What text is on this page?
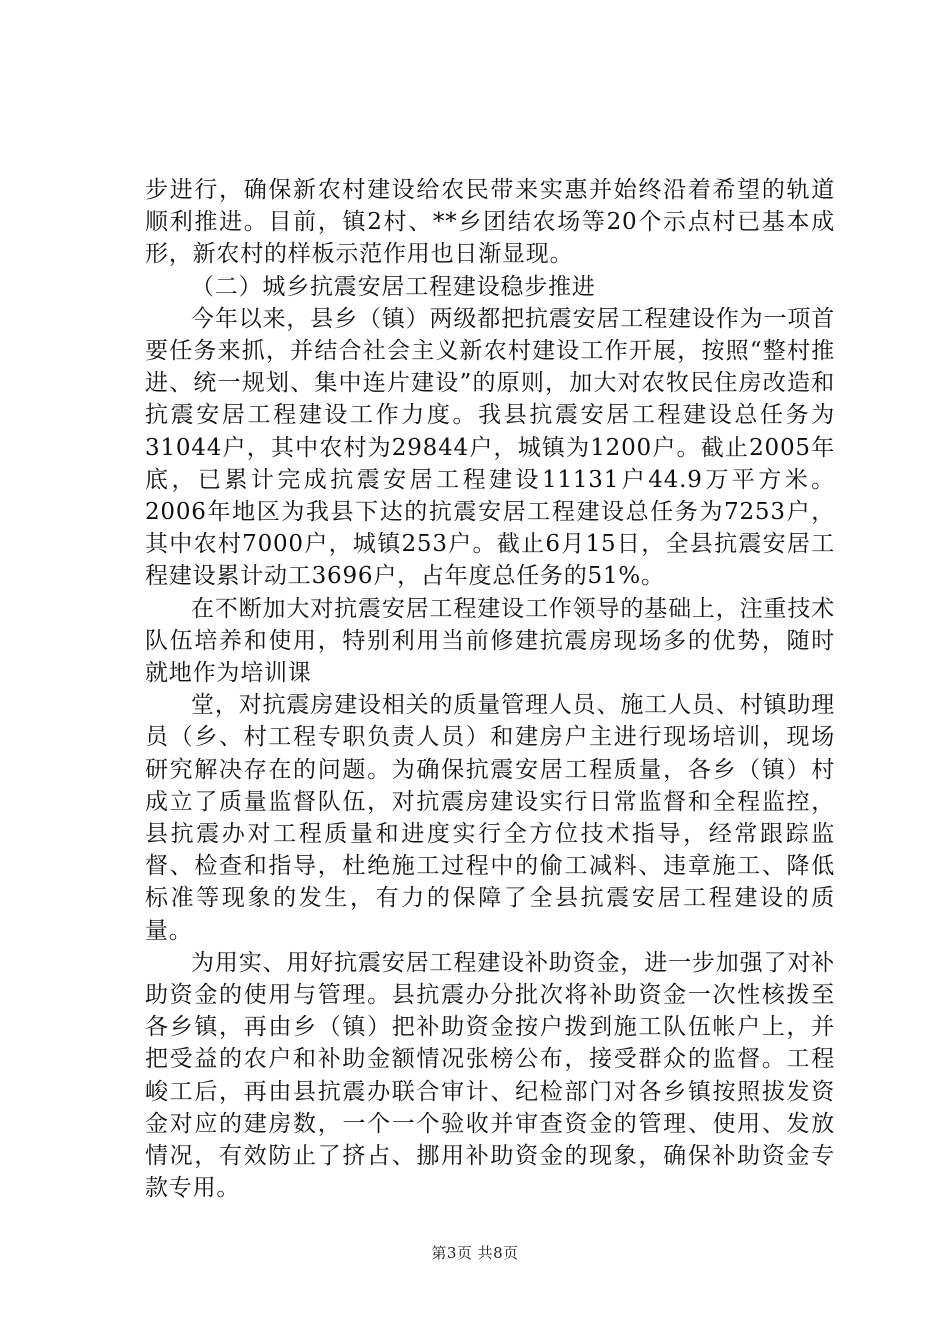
步进行，确保新农村建设给农民带来实惠并始终沿着希望的轨道顺利推进。目前，镇2村、**乡团结农场等20个示点村已基本成形，新农村的样板示范作用也日渐显现。

（二）城乡抗震安居工程建设稳步推进

今年以来，县乡（镇）两级都把抗震安居工程建设作为一项首要任务来抓，并结合社会主义新农村建设工作开展，按照“整村推进、统一规划、集中连片建设”的原则，加大对农牧民住房改造和抗震安居工程建设工作力度。我县抗震安居工程建设总任务为31044户，其中农村为29844户，城镇为1200户。截止2005年底，已累计完成抗震安居工程建设11131户44.9万平方米。2006年地区为我县下达的抗震安居工程建设总任务为7253户，其中农村7000户，城镇253户。截止6月15日，全县抗震安居工程建设累计动工3696户，占年度总任务的51%。

在不断加大对抗震安居工程建设工作领导的基础上，注重技术队伍培养和使用，特别利用当前修建抗震房现场多的优势，随时就地作为培训课

堂，对抗震房建设相关的质量管理人员、施工人员、村镇助理员（乡、村工程专职负责人员）和建房户主进行现场培训，现场研究解决存在的问题。为确保抗震安居工程质量，各乡（镇）村成立了质量监督队伍，对抗震房建设实行日常监督和全程监控，县抗震办对工程质量和进度实行全方位技术指导，经常跟踪监督、检查和指导，杜绝施工过程中的偷工减料、违章施工、降低标准等现象的发生，有力的保障了全县抗震安居工程建设的质量。

为用实、用好抗震安居工程建设补助资金，进一步加强了对补助资金的使用与管理。县抗震办分批次将补助资金一次性核拨至各乡镇，再由乡（镇）把补助资金按户拨到施工队伍帐户上，并把受益的农户和补助金额情况张榜公布，接受群众的监督。工程峻工后，再由县抗震办联合审计、纪检部门对各乡镇按照拔发资金对应的建房数，一个一个验收并审查资金的管理、使用、发放情况，有效防止了挤占、挪用补助资金的现象，确保补助资金专款专用。

第3页 共8页
